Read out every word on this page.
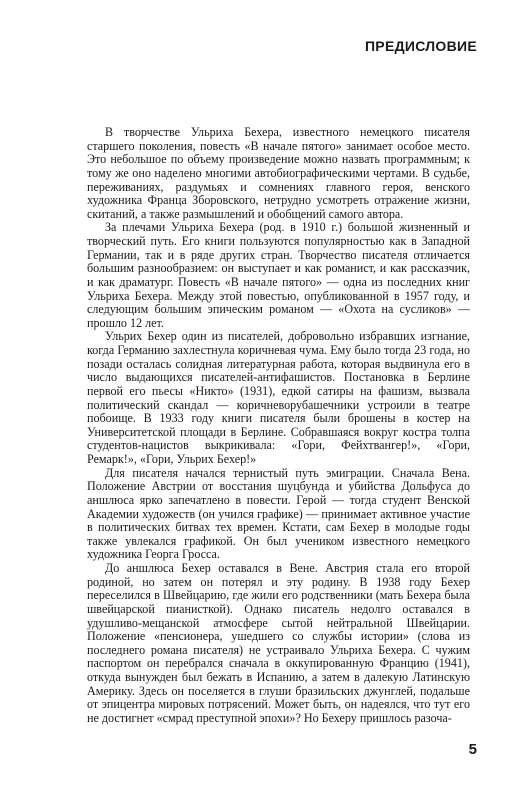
ПРЕДИСЛОВИЕ

В творчестве Ульриха Бехера, известного немецкого писателя старшего поколения, повесть «В начале пятого» занимает особое место. Это небольшое по объему произведение можно назвать программным; к тому же оно наделено многими автобиографическими чертами. В судьбе, переживаниях, раздумьях и сомнениях главного героя, венского художника Франца Зборовского, нетрудно усмотреть отражение жизни, скитаний, а также размышлений и обобщений самого автора.

За плечами Ульриха Бехера (род. в 1910 г.) большой жизненный и творческий путь. Его книги пользуются популярностью как в Западной Германии, так и в ряде других стран. Творчество писателя отличается большим разнообразием: он выступает и как романист, и как рассказчик, и как драматург. Повесть «В начале пятого» — одна из последних книг Ульриха Бехера. Между этой повестью, опубликованной в 1957 году, и следующим большим эпическим романом — «Охота на сусликов» — прошло 12 лет.

Ульрих Бехер один из писателей, добровольно избравших изгнание, когда Германию захлестнула коричневая чума. Ему было тогда 23 года, но позади осталась солидная литературная работа, которая выдвинула его в число выдающихся писателей-антифашистов. Постановка в Берлине первой его пьесы «Никто» (1931), едкой сатиры на фашизм, вызвала политический скандал — коричневорубашечники устроили в театре побоище. В 1933 году книги писателя были брошены в костер на Университетской площади в Берлине. Собравшаяся вокруг костра толпа студентов-нацистов выкрикивала: «Гори, Фейхтвангер!», «Гори, Ремарк!», «Гори, Ульрих Бехер!»

Для писателя начался тернистый путь эмиграции. Сначала Вена. Положение Австрии от восстания шуцбунда и убийства Дольфуса до аншлюса ярко запечатлено в повести. Герой — тогда студент Венской Академии художеств (он учился графике) — принимает активное участие в политических битвах тех времен. Кстати, сам Бехер в молодые годы также увлекался графикой. Он был учеником известного немецкого художника Георга Гросса.

До аншлюса Бехер оставался в Вене. Австрия стала его второй родиной, но затем он потерял и эту родину. В 1938 году Бехер переселился в Швейцарию, где жили его родственники (мать Бехера была швейцарской пианисткой). Однако писатель недолго оставался в удушливо-мещанской атмосфере сытой нейтральной Швейцарии. Положение «пенсионера, ушедшего со службы истории» (слова из последнего романа писателя) не устраивало Ульриха Бехера. С чужим паспортом он перебрался сначала в оккупированную Францию (1941), откуда вынужден был бежать в Испанию, а затем в далекую Латинскую Америку. Здесь он поселяется в глуши бразильских джунглей, подальше от эпицентра мировых потрясений. Может быть, он надеялся, что тут его не достигнет «смрад преступной эпохи»? Но Бехеру пришлось разоча-

5
